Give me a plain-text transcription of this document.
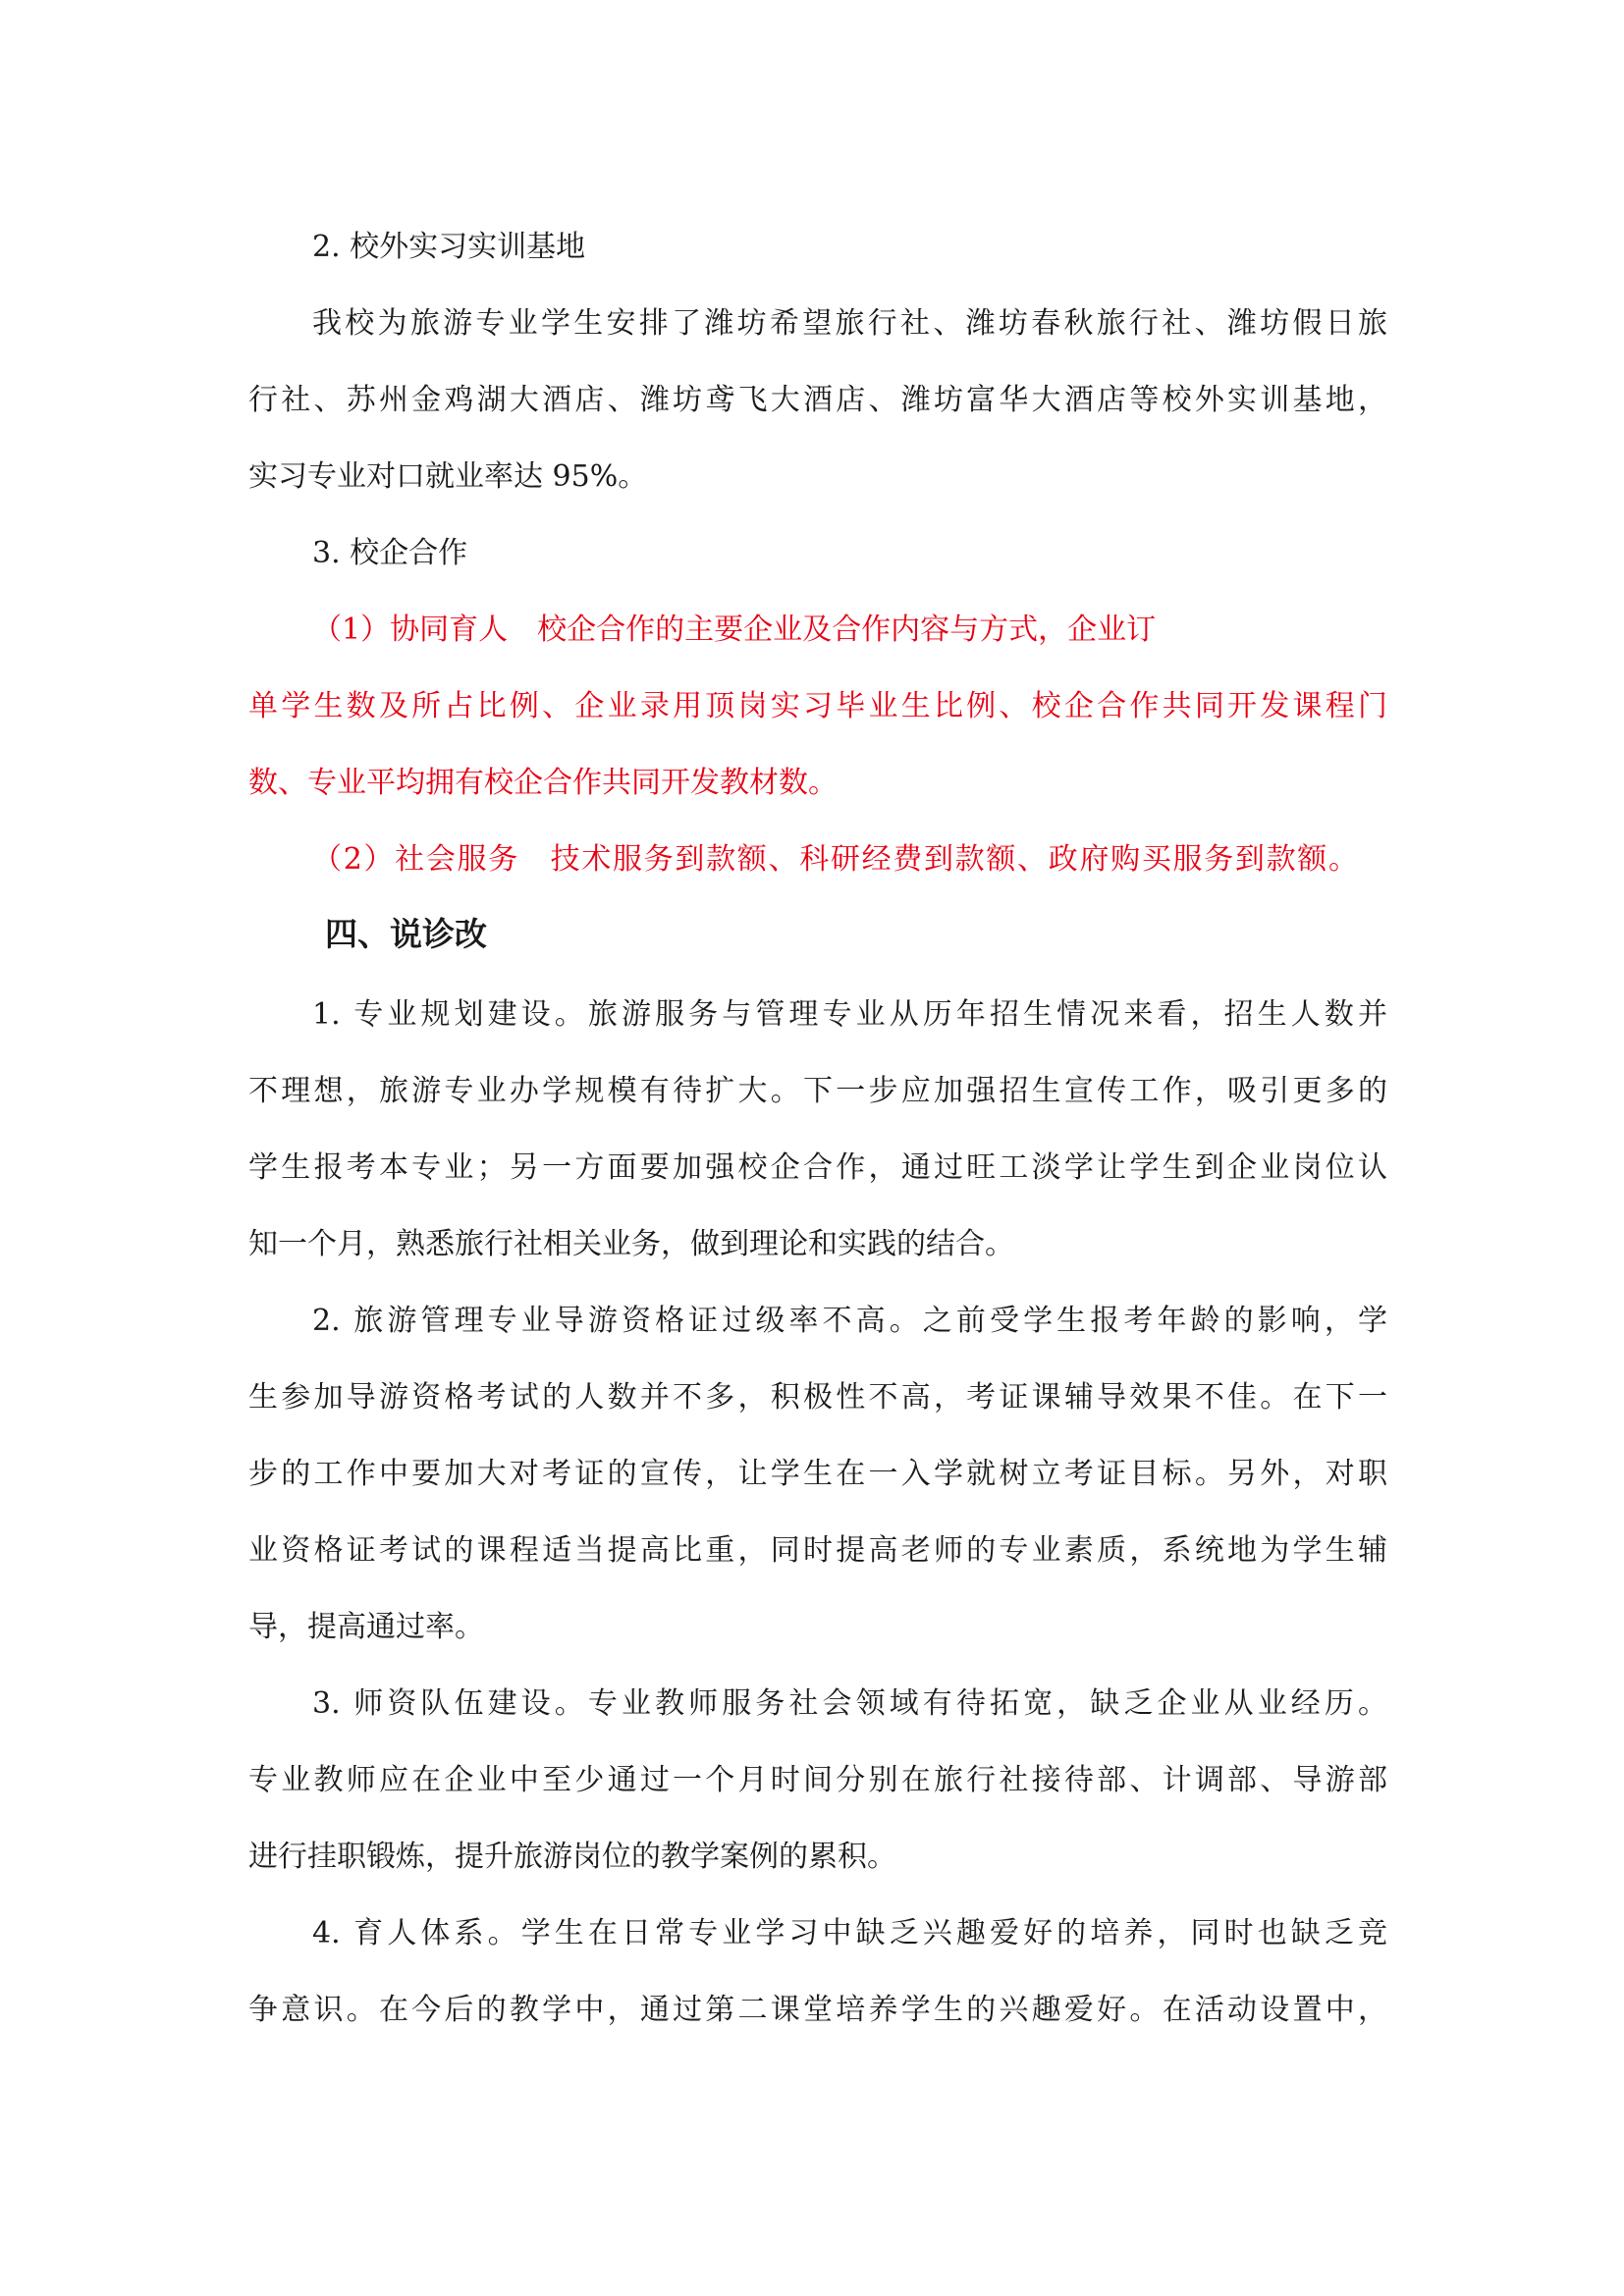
2. 校外实习实训基地
我校为旅游专业学生安排了潍坊希望旅行社、潍坊春秋旅行社、潍坊假日旅
行社、苏州金鸡湖大酒店、潍坊鸢飞大酒店、潍坊富华大酒店等校外实训基地，
实习专业对口就业率达 95%。
3. 校企合作
（1）协同育人　校企合作的主要企业及合作内容与方式，企业订
单学生数及所占比例、企业录用顶岗实习毕业生比例、校企合作共同开发课程门
数、专业平均拥有校企合作共同开发教材数。
（2）社会服务　技术服务到款额、科研经费到款额、政府购买服务到款额。
四、说诊改
1. 专业规划建设。旅游服务与管理专业从历年招生情况来看，招生人数并
不理想，旅游专业办学规模有待扩大。下一步应加强招生宣传工作，吸引更多的
学生报考本专业；另一方面要加强校企合作，通过旺工淡学让学生到企业岗位认
知一个月，熟悉旅行社相关业务，做到理论和实践的结合。
2. 旅游管理专业导游资格证过级率不高。之前受学生报考年龄的影响，学
生参加导游资格考试的人数并不多，积极性不高，考证课辅导效果不佳。在下一
步的工作中要加大对考证的宣传，让学生在一入学就树立考证目标。另外，对职
业资格证考试的课程适当提高比重，同时提高老师的专业素质，系统地为学生辅
导，提高通过率。
3. 师资队伍建设。专业教师服务社会领域有待拓宽，缺乏企业从业经历。
专业教师应在企业中至少通过一个月时间分别在旅行社接待部、计调部、导游部
进行挂职锻炼，提升旅游岗位的教学案例的累积。
4. 育人体系。学生在日常专业学习中缺乏兴趣爱好的培养，同时也缺乏竞
争意识。在今后的教学中，通过第二课堂培养学生的兴趣爱好。在活动设置中，
